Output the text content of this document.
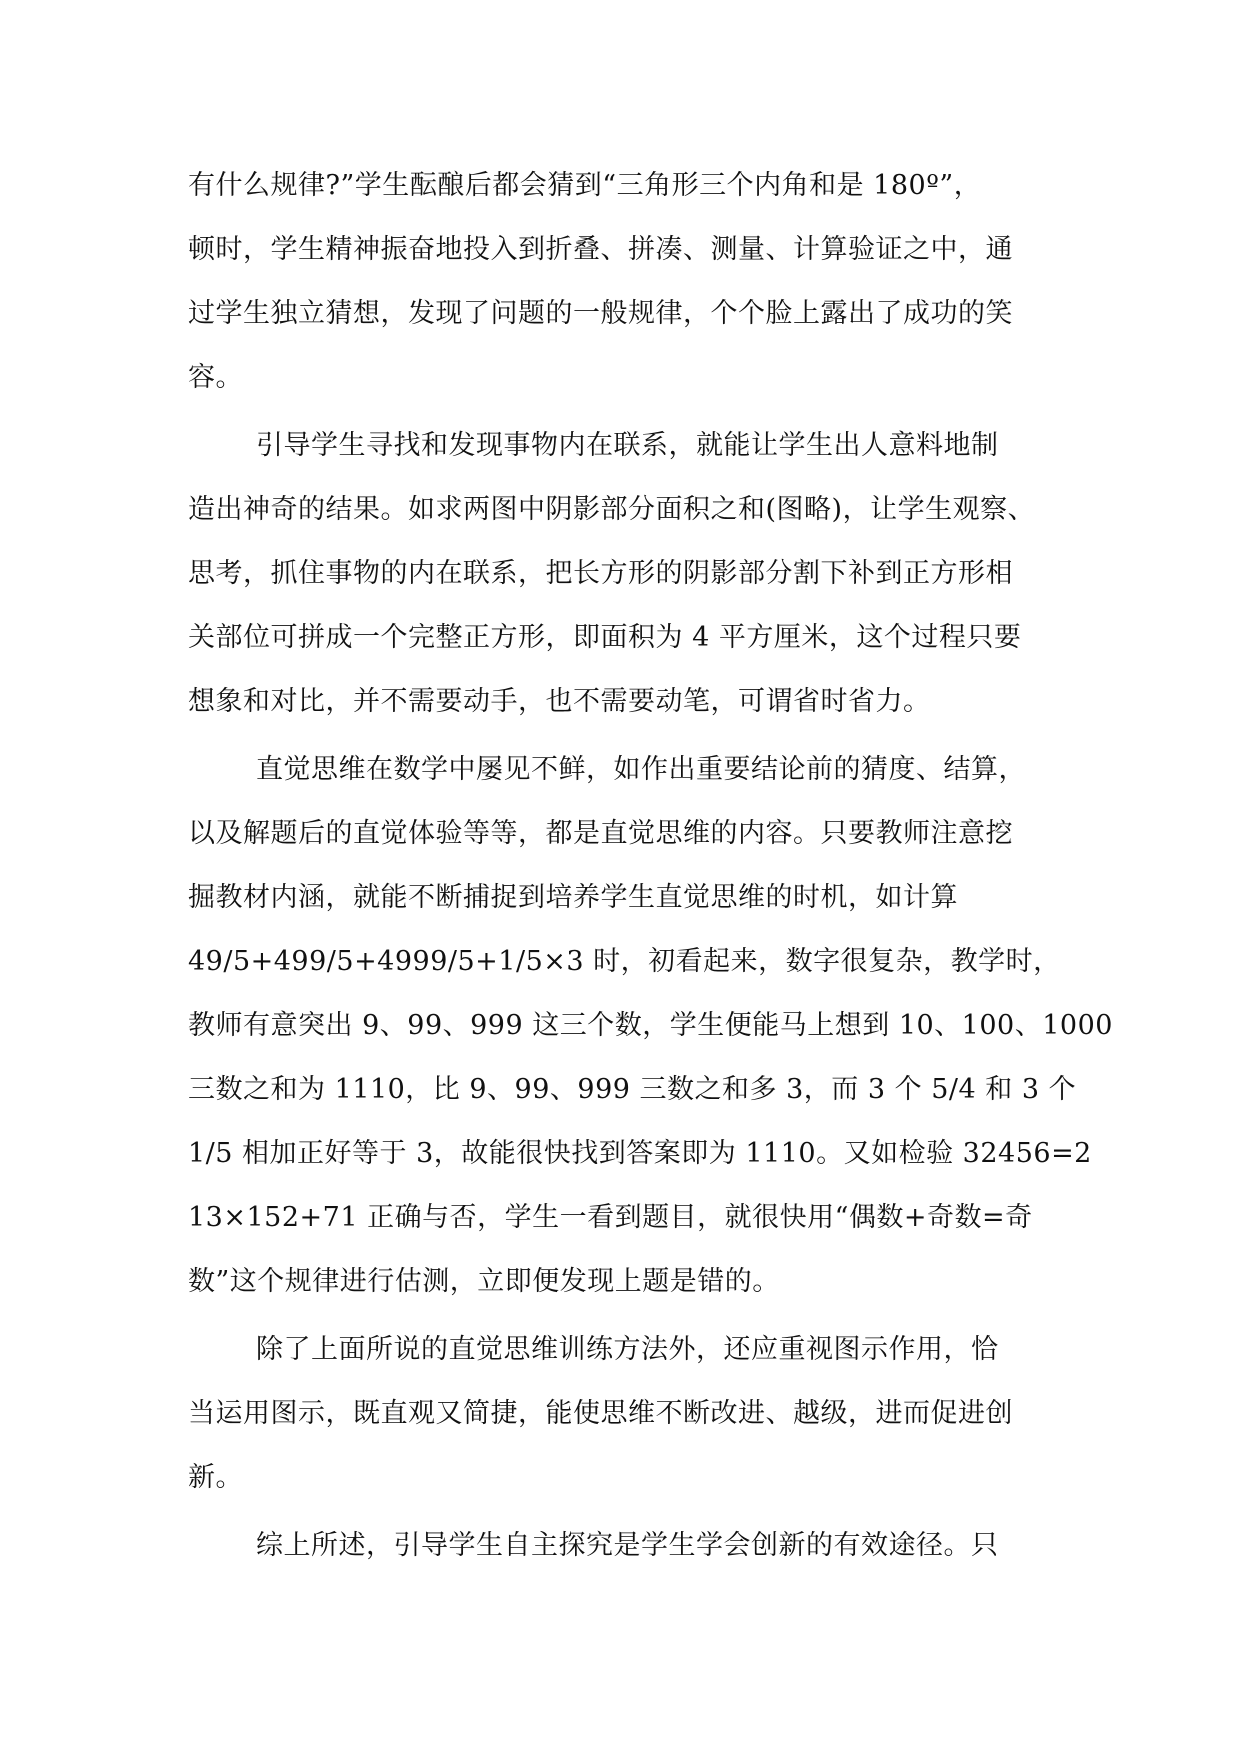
有什么规律?”学生酝酿后都会猜到“三角形三个内角和是 180º”，
顿时，学生精神振奋地投入到折叠、拼凑、测量、计算验证之中，通
过学生独立猜想，发现了问题的一般规律，个个脸上露出了成功的笑
容。
引导学生寻找和发现事物内在联系，就能让学生出人意料地制
造出神奇的结果。如求两图中阴影部分面积之和(图略)，让学生观察、
思考，抓住事物的内在联系，把长方形的阴影部分割下补到正方形相
关部位可拼成一个完整正方形，即面积为 4 平方厘米，这个过程只要
想象和对比，并不需要动手，也不需要动笔，可谓省时省力。
直觉思维在数学中屡见不鲜，如作出重要结论前的猜度、结算，
以及解题后的直觉体验等等，都是直觉思维的内容。只要教师注意挖
掘教材内涵，就能不断捕捉到培养学生直觉思维的时机，如计算
49/5+499/5+4999/5+1/5×3 时，初看起来，数字很复杂，教学时，
教师有意突出 9、99、999 这三个数，学生便能马上想到 10、100、1000
三数之和为 1110，比 9、99、999 三数之和多 3，而 3 个 5/4 和 3 个
1/5 相加正好等于 3，故能很快找到答案即为 1110。又如检验 32456=2
13×152+71 正确与否，学生一看到题目，就很快用“偶数+奇数=奇
数”这个规律进行估测，立即便发现上题是错的。
除了上面所说的直觉思维训练方法外，还应重视图示作用，恰
当运用图示，既直观又简捷，能使思维不断改进、越级，进而促进创
新。
综上所述，引导学生自主探究是学生学会创新的有效途径。只
